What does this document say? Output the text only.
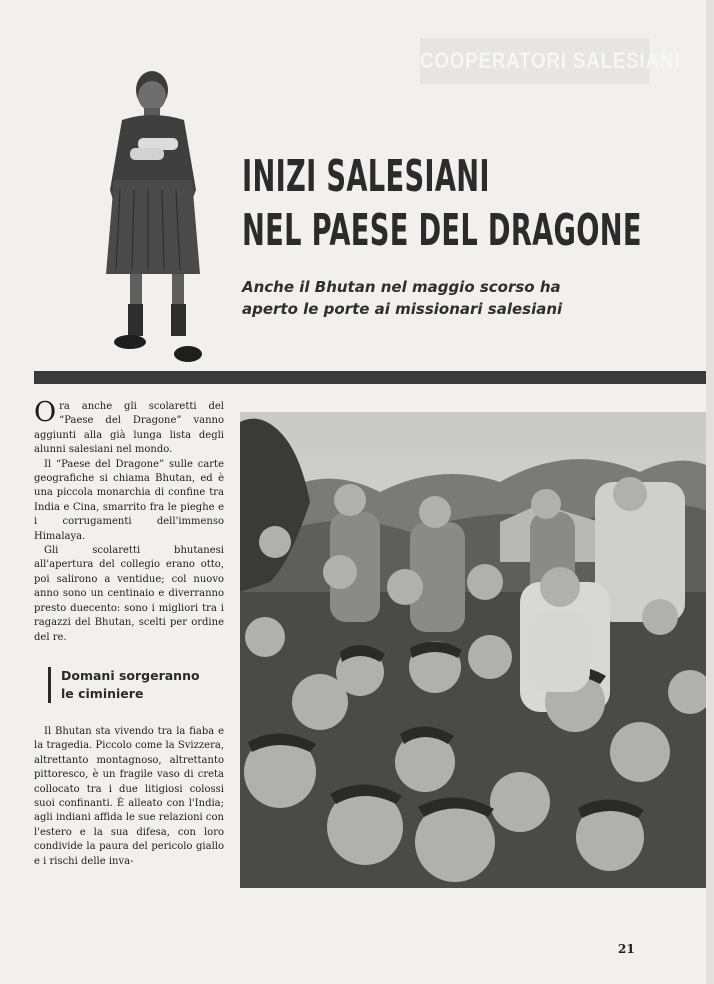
COOPERATORI SALESIANI
INIZI SALESIANI
NEL PAESE DEL DRAGONE
Anche il Bhutan nel maggio scorso ha
aperto le porte ai missionari salesiani

Ora anche gli scolaretti del “Paese del Dragone” vanno aggiunti alla già lunga lista degli alunni salesiani nel mondo.

Il “Paese del Dragone” sulle carte geografiche si chiama Bhutan, ed è una piccola monarchia di confine tra India e Cina, smarrito fra le pieghe e i corrugamenti dell'immenso Himalaya.

Gli scolaretti bhutanesi all'apertura del collegio erano otto, poi salirono a ventidue; col nuovo anno sono un centinaio e diverranno presto duecento: sono i migliori tra i ragazzi del Bhutan, scelti per ordine del re.

Domani sorgeranno
le ciminiere

Il Bhutan sta vivendo tra la fiaba e la tragedia. Piccolo come la Svizzera, altrettanto montagnoso, altrettanto pittoresco, è un fragile vaso di creta collocato tra i due litigiosi colossi suoi confinanti. È alleato con l'India; agli indiani affida le sue relazioni con l'estero e la sua difesa, con loro condivide la paura del pericolo giallo e i rischi delle inva-

21
